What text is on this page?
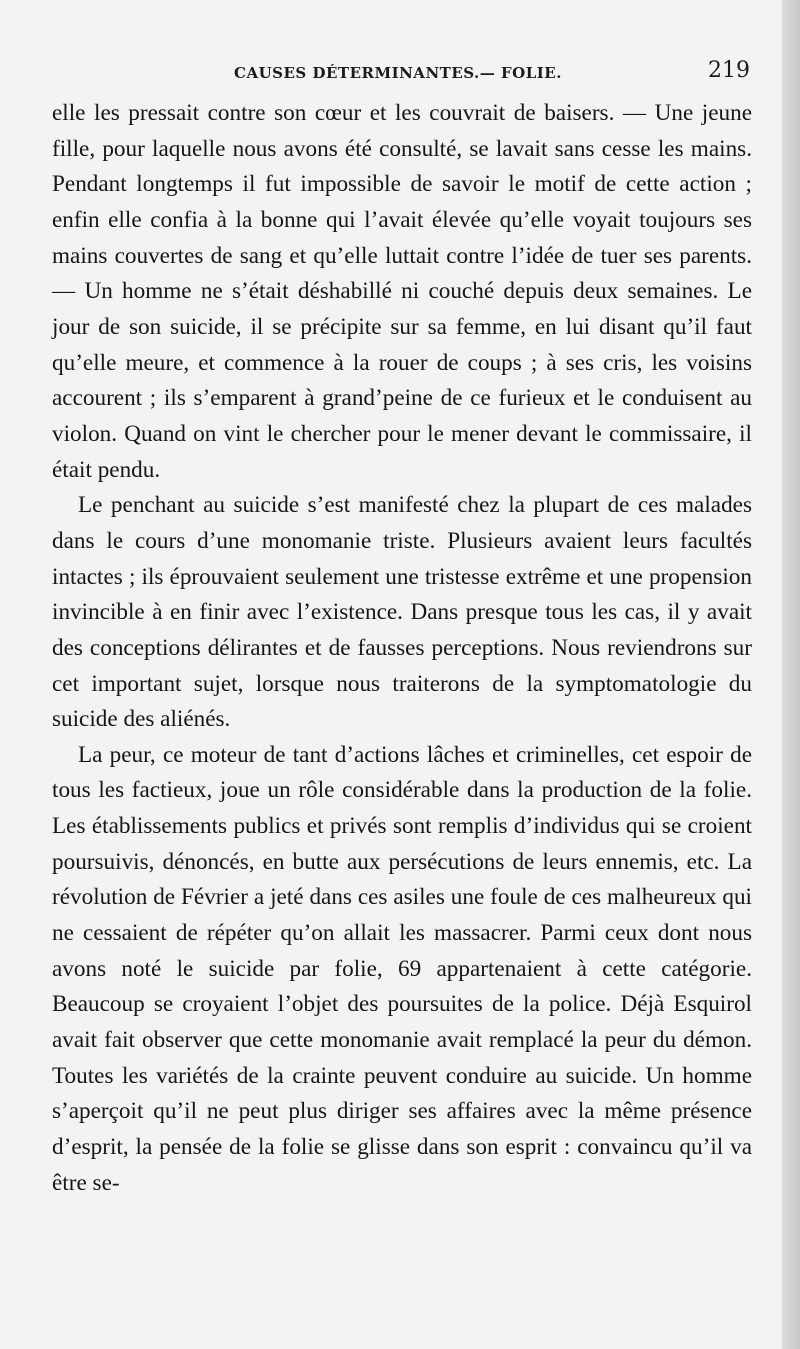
CAUSES DÉTERMINANTES.— FOLIE.	219

elle les pressait contre son cœur et les couvrait de baisers. — Une jeune fille, pour laquelle nous avons été consulté, se lavait sans cesse les mains. Pendant longtemps il fut impossible de savoir le motif de cette action ; enfin elle confia à la bonne qui l’avait élevée qu’elle voyait toujours ses mains couvertes de sang et qu’elle luttait contre l’idée de tuer ses parents. — Un homme ne s’était déshabillé ni couché depuis deux semaines. Le jour de son suicide, il se précipite sur sa femme, en lui disant qu’il faut qu’elle meure, et commence à la rouer de coups ; à ses cris, les voisins accourent ; ils s’emparent à grand’peine de ce furieux et le conduisent au violon. Quand on vint le chercher pour le mener devant le commissaire, il était pendu.

Le penchant au suicide s’est manifesté chez la plupart de ces malades dans le cours d’une monomanie triste. Plusieurs avaient leurs facultés intactes ; ils éprouvaient seulement une tristesse extrême et une propension invincible à en finir avec l’existence. Dans presque tous les cas, il y avait des conceptions délirantes et de fausses perceptions. Nous reviendrons sur cet important sujet, lorsque nous traiterons de la symptomatologie du suicide des aliénés.

La peur, ce moteur de tant d’actions lâches et criminelles, cet espoir de tous les factieux, joue un rôle considérable dans la production de la folie. Les établissements publics et privés sont remplis d’individus qui se croient poursuivis, dénoncés, en butte aux persécutions de leurs ennemis, etc. La révolution de Février a jeté dans ces asiles une foule de ces malheureux qui ne cessaient de répéter qu’on allait les massacrer. Parmi ceux dont nous avons noté le suicide par folie, 69 appartenaient à cette catégorie. Beaucoup se croyaient l’objet des poursuites de la police. Déjà Esquirol avait fait observer que cette monomanie avait remplacé la peur du démon. Toutes les variétés de la crainte peuvent conduire au suicide. Un homme s’aperçoit qu’il ne peut plus diriger ses affaires avec la même présence d’esprit, la pensée de la folie se glisse dans son esprit : convaincu qu’il va être se-
